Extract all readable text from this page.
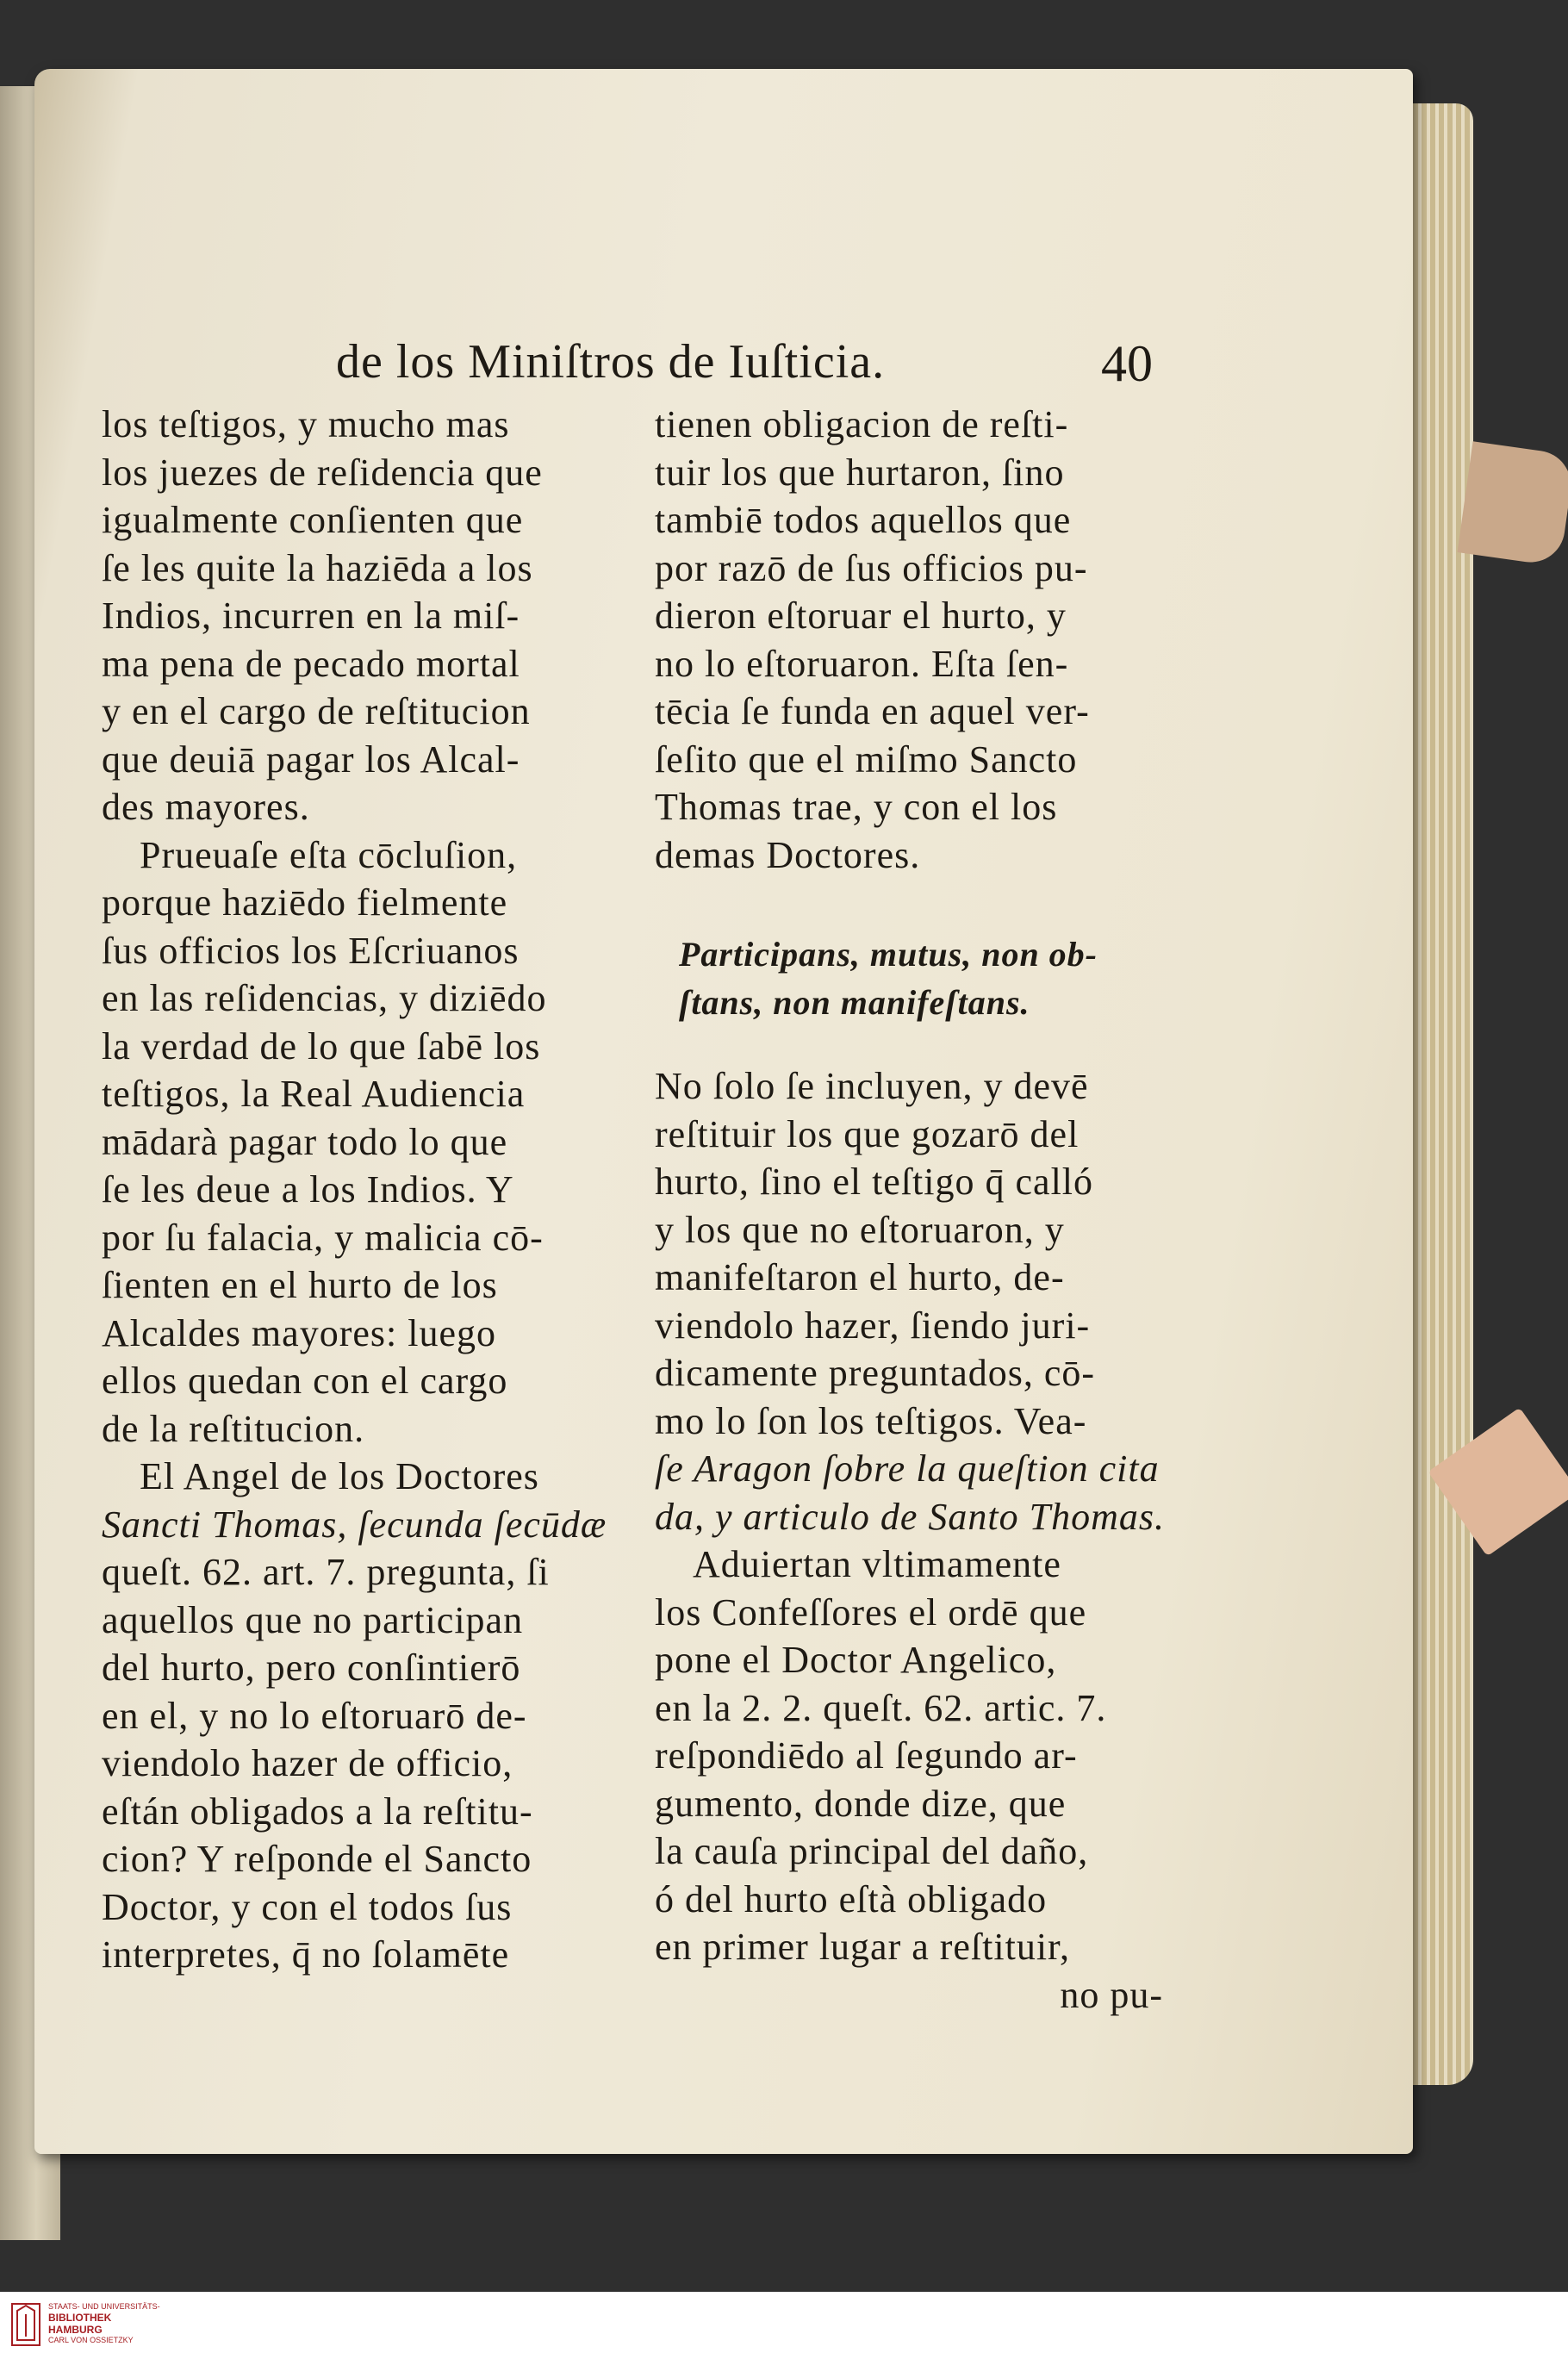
de los Miniſtros de Iuſticia.	40
los teſtigos, y mucho mas
los juezes de reſidencia que
igualmente conſienten que
ſe les quite la haziēda a los
Indios, incurren en la miſ-
ma pena de pecado mortal
y en el cargo de reſtitucion
que deuiā pagar los Alcal-
des mayores.
Prueuaſe eſta cōcluſion,
porque haziēdo fielmente
ſus officios los Eſcriuanos
en las reſidencias, y diziēdo
la verdad de lo que ſabē los
teſtigos, la Real Audiencia
mādarà pagar todo lo que
ſe les deue a los Indios. Y
por ſu falacia, y malicia cō-
ſienten en el hurto de los
Alcaldes mayores: luego
ellos quedan con el cargo
de la reſtitucion.
El Angel de los Doctores
Sancti Thomas, ſecunda ſecūdæ
queſt. 62. art. 7. pregunta, ſi
aquellos que no participan
del hurto, pero conſintierō
en el, y no lo eſtoruarō de-
viendolo hazer de officio,
eſtán obligados a la reſtitu-
cion? Y reſponde el Sancto
Doctor, y con el todos ſus
interpretes, q̄ no ſolamēte
tienen obligacion de reſti-
tuir los que hurtaron, ſino
tambiē todos aquellos que
por razō de ſus officios pu-
dieron eſtoruar el hurto, y
no lo eſtoruaron. Eſta ſen-
tēcia ſe funda en aquel ver-
ſeſito que el miſmo Sancto
Thomas trae, y con el los
demas Doctores.
Participans, mutus, non ob-
ſtans, non manifeſtans.
No ſolo ſe incluyen, y devē
reſtituir los que gozarō del
hurto, ſino el teſtigo q̄ calló
y los que no eſtoruaron, y
manifeſtaron el hurto, de-
viendolo hazer, ſiendo juri-
dicamente preguntados, cō-
mo lo ſon los teſtigos. Vea-
ſe Aragon ſobre la queſtion cita
da, y articulo de Santo Thomas.
Aduiertan vltimamente
los Confeſſores el ordē que
pone el Doctor Angelico,
en la 2. 2. queſt. 62. artic. 7.
reſpondiēdo al ſegundo ar-
gumento, donde dize, que
la cauſa principal del daño,
ó del hurto eſtà obligado
en primer lugar a reſtituir,
no pu-
STAATS- UND UNIVERSITÄTS-
BIBLIOTHEK
HAMBURG
CARL VON OSSIETZKY
